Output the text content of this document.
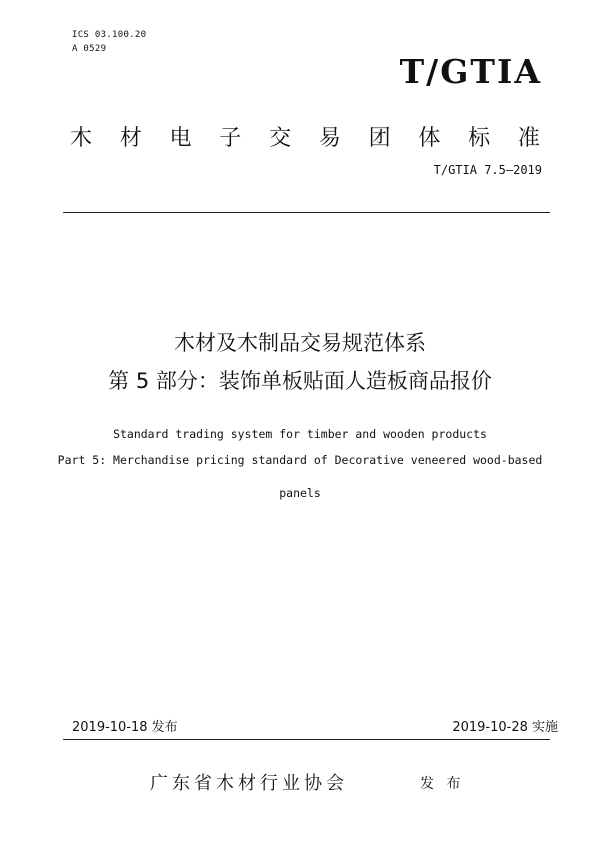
ICS 03.100.20
A 0529
T/GTIA
木 材 电 子 交 易 团 体 标 准
T/GTIA 7.5—2019
木材及木制品交易规范体系
第 5 部分：装饰单板贴面人造板商品报价
Standard trading system for timber and wooden products
Part 5: Merchandise pricing standard of Decorative veneered wood-based
panels
2019-10-18 发布	2019-10-28 实施
广东省木材行业协会	发 布
